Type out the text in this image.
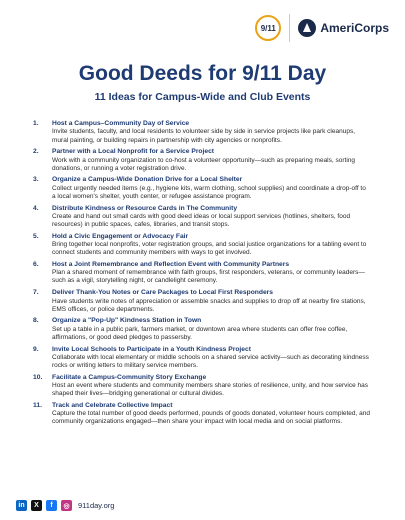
9/11	AmeriCorps
Good Deeds for 9/11 Day
11 Ideas for Campus-Wide and Club Events
1.	Host a Campus–Community Day of Service
Invite students, faculty, and local residents to volunteer side by side in service projects like park cleanups, mural painting, or building repairs in partnership with city agencies or nonprofits.
2.	Partner with a Local Nonprofit for a Service Project
Work with a community organization to co-host a volunteer opportunity—such as preparing meals, sorting donations, or running a voter registration drive.
3.	Organize a Campus-Wide Donation Drive for a Local Shelter
Collect urgently needed items (e.g., hygiene kits, warm clothing, school supplies) and coordinate a drop-off to a local women's shelter, youth center, or refugee assistance program.
4.	Distribute Kindness or Resource Cards in The Community
Create and hand out small cards with good deed ideas or local support services (hotlines, shelters, food resources) in public spaces, cafes, libraries, and transit stops.
5.	Hold a Civic Engagement or Advocacy Fair
Bring together local nonprofits, voter registration groups, and social justice organizations for a tabling event to connect students and community members with ways to get involved.
6.	Host a Joint Remembrance and Reflection Event with Community Partners
Plan a shared moment of remembrance with faith groups, first responders, veterans, or community leaders—such as a vigil, storytelling night, or candlelight ceremony.
7.	Deliver Thank-You Notes or Care Packages to Local First Responders
Have students write notes of appreciation or assemble snacks and supplies to drop off at nearby fire stations, EMS offices, or police departments.
8.	Organize a "Pop-Up" Kindness Station in Town
Set up a table in a public park, farmers market, or downtown area where students can offer free coffee, affirmations, or good deed pledges to passersby.
9.	Invite Local Schools to Participate in a Youth Kindness Project
Collaborate with local elementary or middle schools on a shared service activity—such as decorating kindness rocks or writing letters to military service members.
10.	Facilitate a Campus-Community Story Exchange
Host an event where students and community members share stories of resilience, unity, and how service has shaped their lives—bridging generational or cultural divides.
11.	Track and Celebrate Collective Impact
Capture the total number of good deeds performed, pounds of goods donated, volunteer hours completed, and community organizations engaged—then share your impact with local media and on social platforms.
in	X	f	◎	911day.org
